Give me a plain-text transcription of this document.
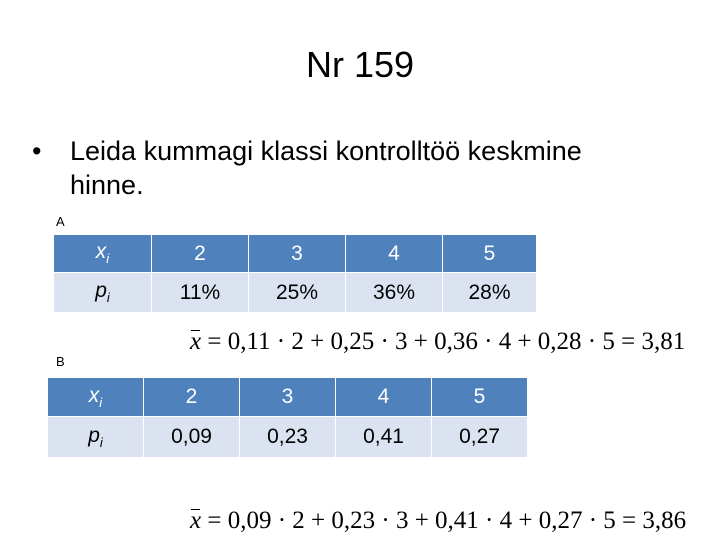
Nr 159
•	Leida kummagi klassi kontrolltöö keskmine hinne.
A
$x_i$	2	3	4	5
$p_i$	11%	25%	36%	28%
x = 0,11 · 2 + 0,25 · 3 + 0,36 · 4 + 0,28 · 5 = 3,81
B
$x_i$	2	3	4	5
$p_i$	0,09	0,23	0,41	0,27
x = 0,09 · 2 + 0,23 · 3 + 0,41 · 4 + 0,27 · 5 = 3,86
